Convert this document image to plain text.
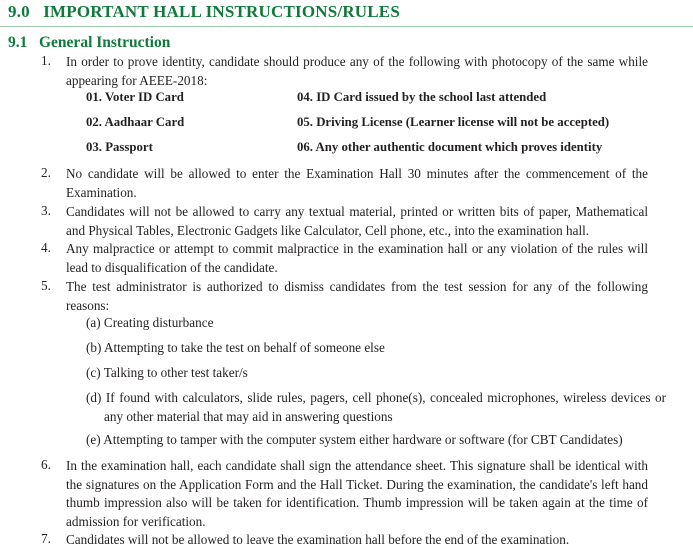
9.0 IMPORTANT HALL INSTRUCTIONS/RULES
9.1 General Instruction
1. In order to prove identity, candidate should produce any of the following with photocopy of the same while appearing for AEEE-2018:
01. Voter ID Card
02. Aadhaar Card
03. Passport
04. ID Card issued by the school last attended
05. Driving License (Learner license will not be accepted)
06. Any other authentic document which proves identity
2. No candidate will be allowed to enter the Examination Hall 30 minutes after the commencement of the Examination.
3. Candidates will not be allowed to carry any textual material, printed or written bits of paper, Mathematical and Physical Tables, Electronic Gadgets like Calculator, Cell phone, etc., into the examination hall.
4. Any malpractice or attempt to commit malpractice in the examination hall or any violation of the rules will lead to disqualification of the candidate.
5. The test administrator is authorized to dismiss candidates from the test session for any of the following reasons:
(a) Creating disturbance
(b) Attempting to take the test on behalf of someone else
(c) Talking to other test taker/s
(d) If found with calculators, slide rules, pagers, cell phone(s), concealed microphones, wireless devices or any other material that may aid in answering questions
(e) Attempting to tamper with the computer system either hardware or software (for CBT Candidates)
6. In the examination hall, each candidate shall sign the attendance sheet. This signature shall be identical with the signatures on the Application Form and the Hall Ticket. During the examination, the candidate's left hand thumb impression also will be taken for identification. Thumb impression will be taken again at the time of admission for verification.
7. Candidates will not be allowed to leave the examination hall before the end of the examination.
